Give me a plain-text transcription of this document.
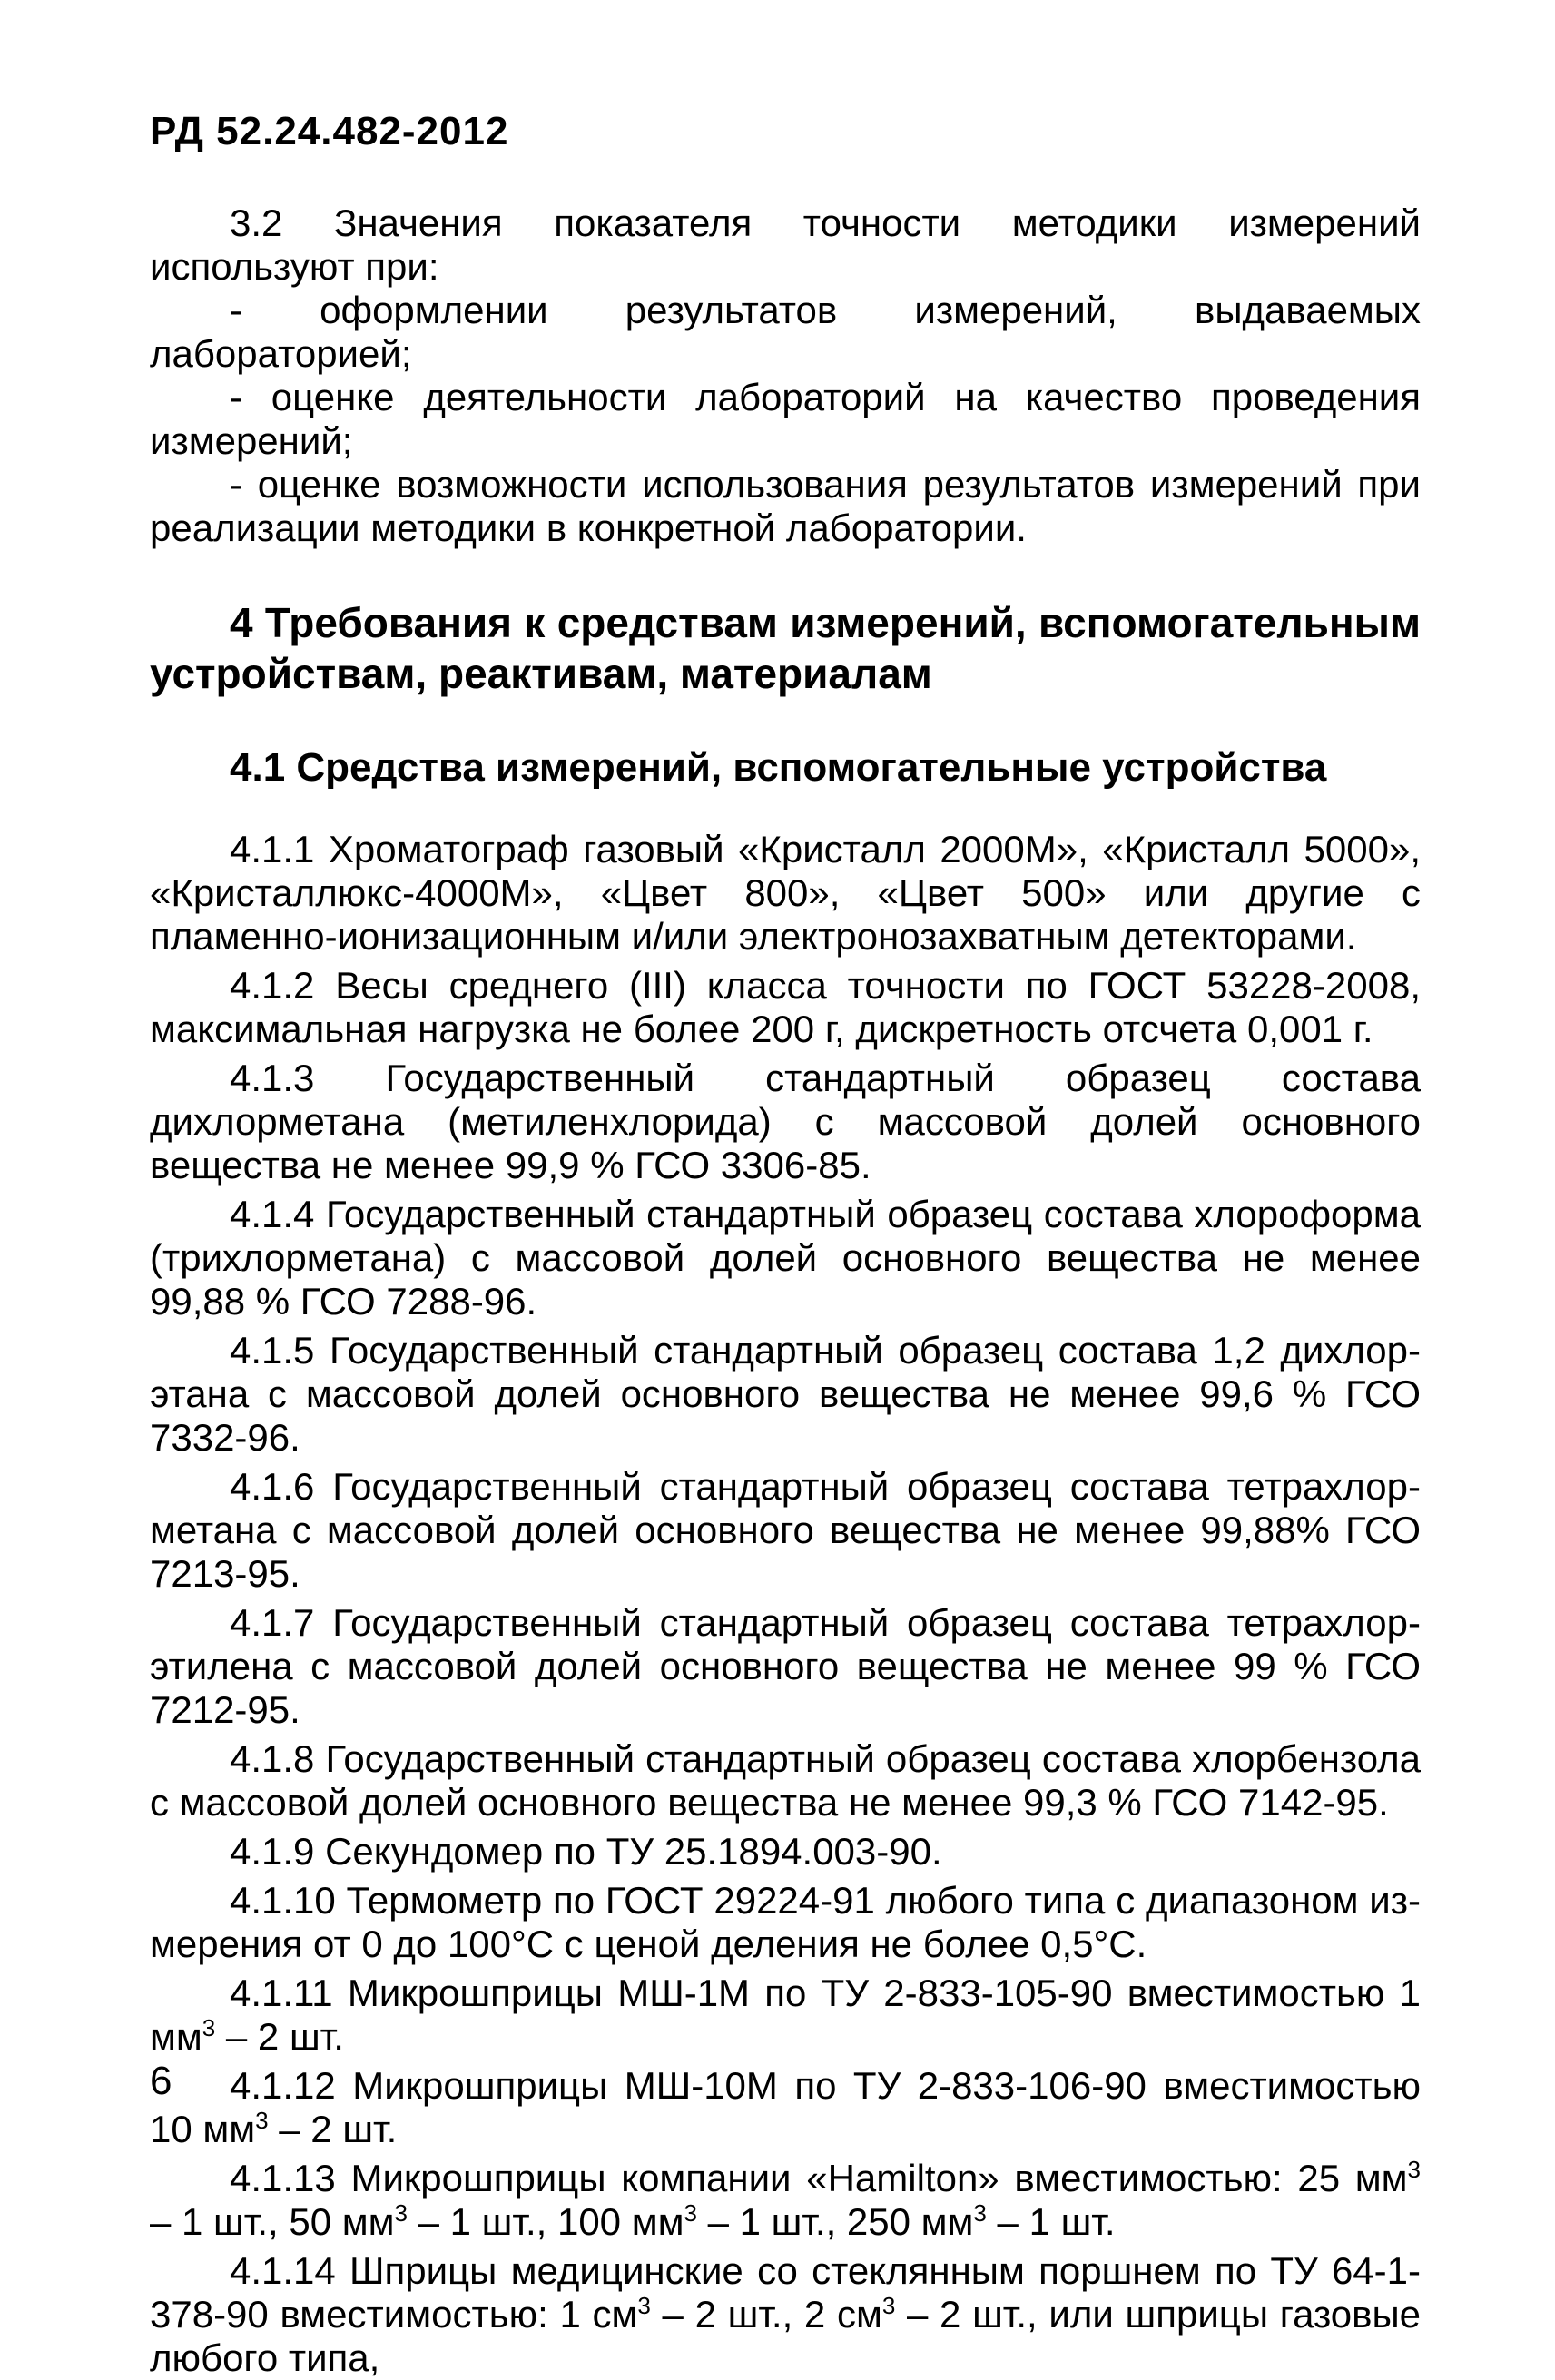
РД 52.24.482-2012

3.2 Значения показателя точности методики измерений используют при:

- оформлении результатов измерений, выдаваемых лабораторией;

- оценке деятельности лабораторий на качество проведения измерений;

- оценке возможности использования результатов измерений при реализации методики в конкретной лаборатории.

4 Требования к средствам измерений, вспомогательным устройствам, реактивам, материалам

4.1 Средства измерений, вспомогательные устройства

4.1.1 Хроматограф газовый «Кристалл 2000М», «Кристалл 5000», «Кристаллюкс-4000М», «Цвет 800», «Цвет 500» или другие с пламенно-ионизационным и/или электронозахватным детекторами.

4.1.2 Весы среднего (III) класса точности по ГОСТ 53228-2008, максимальная нагрузка не более 200 г, дискретность отсчета 0,001 г.

4.1.3 Государственный стандартный образец состава дихлорметана (метиленхлорида) с массовой долей основного вещества не менее 99,9 % ГСО 3306-85.

4.1.4 Государственный стандартный образец состава хлороформа (трихлорметана) с массовой долей основного вещества не менее 99,88 % ГСО 7288-96.

4.1.5 Государственный стандартный образец состава 1,2 дихлор-этана с массовой долей основного вещества не менее 99,6 % ГСО 7332-96.

4.1.6 Государственный стандартный образец состава тетрахлор-метана с массовой долей основного вещества не менее 99,88% ГСО 7213-95.

4.1.7 Государственный стандартный образец состава тетрахлор-этилена с массовой долей основного вещества не менее 99 % ГСО 7212-95.

4.1.8 Государственный стандартный образец состава хлорбензола с массовой долей основного вещества не менее 99,3 % ГСО 7142-95.

4.1.9 Секундомер по ТУ 25.1894.003-90.

4.1.10 Термометр по ГОСТ 29224-91 любого типа с диапазоном из-мерения от 0 до 100°С с ценой деления не более 0,5°С.

4.1.11 Микрошприцы МШ-1М по ТУ 2-833-105-90 вместимостью 1 $мм^3 - 2$ шт.

4.1.12 Микрошприцы МШ-10М по ТУ 2-833-106-90 вместимостью 10 $мм^3 - 2$ шт.

4.1.13 Микрошприцы компании «Hamilton» вместимостью: 25 $мм^3 - 1$ шт., 50 $мм^3 - 1$ шт., 100 $мм^3 - 1$ шт., 250 $мм^3 - 1$ шт.

4.1.14 Шприцы медицинские со стеклянным поршнем по ТУ 64-1-378-90 вместимостью: 1 $см^3 - 2$ шт., 2 $см^3 - 2$ шт., или шприцы газовые любого типа,

6
